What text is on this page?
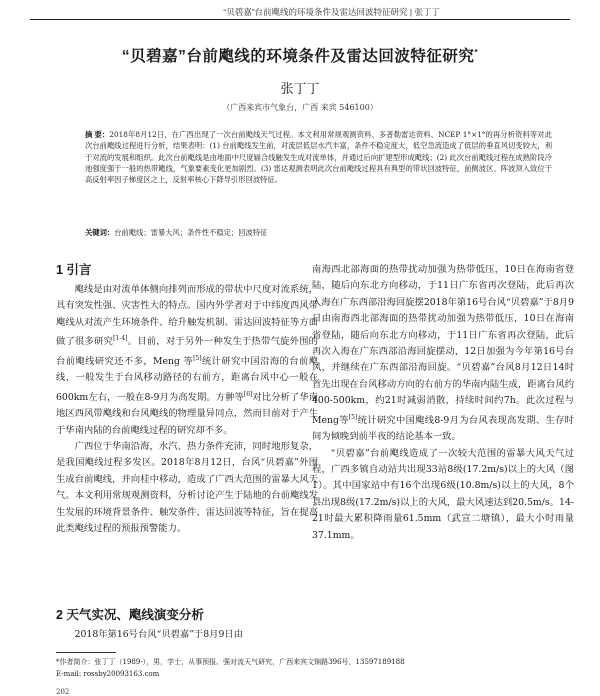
“贝碧嘉”台前飑线的环境条件及雷达回波特征研究 | 张丁丁
“贝碧嘉”台前飑线的环境条件及雷达回波特征研究*
张丁丁
（广西来宾市气象台，广西 来宾 546100）
摘 要：2018年8月12日，在广西出现了一次台前飑线天气过程。本文利用常规观测资料、多普勒雷达资料、NCEP 1°×1°的再分析资料等对此次台前飑线过程进行分析，结果表明：(1) 台前飑线发生前，对流层低层水汽丰富，条件不稳定度大，低空急流造成了低层的垂直风切变较大，利于对流的发展和组织。此次台前飑线是由地面中尺度辐合线触发生成对流单体，并通过后向扩建型形成飑线；(2) 此次台前飑线过程在成熟阶段冷池强度强于一般的热带飑线，气象要素变化更加剧烈。(3) 雷达观测表明此次台前飑线过程具有典型的带状回波特征，前侧波区、阵波顶入致位于高反射率因子梯度区之上，反射率核心下降导引形回波特征。
关键词：台前飑线；雷暴大风；条件性不稳定；回波特征
1 引言

飑线是由对流单体侧向排列而形成的带状中尺度对流系统，具有突发性强、灾害性大的特点。国内外学者对于中纬度西风带飑线从对流产生环境条件、给升触发机制、雷达回波特征等方面做了很多研究[1-4]。目前，对于另外一种发生于热带气旋外围的台前飑线研究还不多，Meng 等[5]统计研究中国沿海的台前飑线，一般发生于台风移动路径的右前方，距离台风中心一般在600km左右，一般在8-9月为高发期。方翀等[6]对比分析了华南地区西风带飑线和台风飑线的物理量异同点，然而目前对于产生于华南内陆的台前飑线过程的研究却不多。

广西位于华南沿海，水汽、热力条件充沛，同时地形复杂，是我国飑线过程多发区。2018年8月12日，台风“贝碧嘉”外围生成台前飑线，并向桂中移动，造成了广西大范围的雷暴大风天气。本文利用常规观测资料，分析讨论产生于陆地的台前飑线发生发展的环境背景条件、触发条件、雷达回波等特征，旨在提高此类飑线过程的预报预警能力。

2 天气实况、飑线演变分析

2018年第16号台风“贝碧嘉”于8月9日由

南海西北部海面的热带扰动加强为热带低压，10日在海南省登陆，随后向东北方向移动，于11日广东省再次登陆，此后再次入海在广东西部沿海回旋摆2018年第16号台风“贝碧嘉”于8月9日由南海西北部海面的热带扰动加强为热带低压，10日在海南省登陆，随后向东北方向移动，于11日广东省再次登陆，此后再次入海在广东西部沿海回旋摆动，12日加强为今年第16号台风，并继续在广东西部沿海回旋。“贝碧嘉”台风8月12日14时首先出现在台风移动方向的右前方的华南内陆生成，距离台风约400-500km，约21时减弱消散，持续时间约7h。此次过程与Meng等[5]统计研究中国飑线8-9月为台风表现高发期、生存时间为倾晚到前半夜的结论基本一致。

“贝碧嘉”台前飑线造成了一次较大范围的雷暴大风天气过程，广西多镇自动站共出现33站8级(17.2m/s)以上的大风（图1）。其中国家站中有16个出现6级(10.8m/s)以上的大风，8个县出现8级(17.2m/s)以上的大风，最大风速达到20.5m/s。14-21时最大累积降雨量61.5mm（武宣二塘镇），最大小时雨量37.1mm。

*作者简介：张丁丁（1989-），男，学士，从事预报、强对流天气研究，广西来宾文锦路396号，13597189188
E-mail: rossby20093163.com
202
